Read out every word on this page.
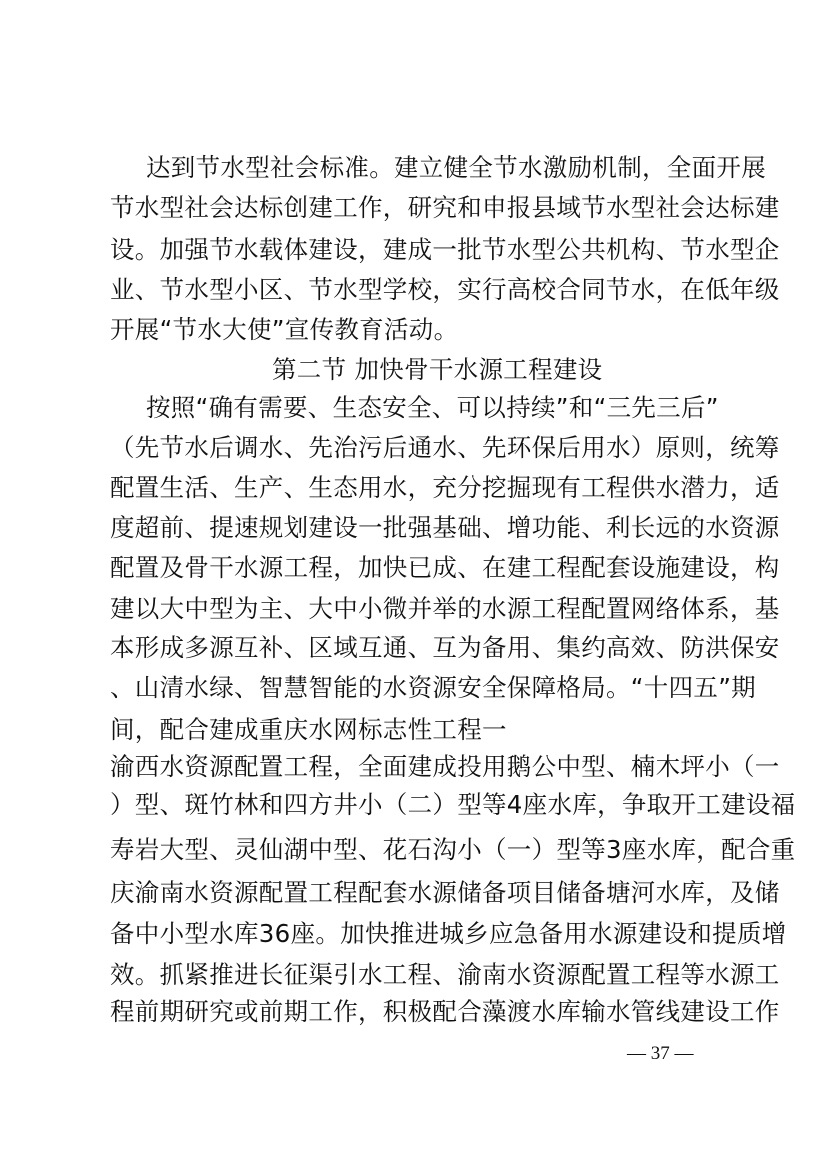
达到节水型社会标准。建立健全节水激励机制，全面开展
节水型社会达标创建工作，研究和申报县域节水型社会达标建
设。加强节水载体建设，建成一批节水型公共机构、节水型企
业、节水型小区、节水型学校，实行高校合同节水，在低年级
开展“节水大使”宣传教育活动。
第二节 加快骨干水源工程建设
按照“确有需要、生态安全、可以持续”和“三先三后”
（先节水后调水、先治污后通水、先环保后用水）原则，统筹
配置生活、生产、生态用水，充分挖掘现有工程供水潜力，适
度超前、提速规划建设一批强基础、增功能、利长远的水资源
配置及骨干水源工程，加快已成、在建工程配套设施建设，构
建以大中型为主、大中小微并举的水源工程配置网络体系，基
本形成多源互补、区域互通、互为备用、集约高效、防洪保安
、山清水绿、智慧智能的水资源安全保障格局。“十四五”期
间，配合建成重庆水网标志性工程一
渝西水资源配置工程，全面建成投用鹅公中型、楠木坪小（一
）型、斑竹林和四方井小（二）型等4座水库，争取开工建设福
寿岩大型、灵仙湖中型、花石沟小（一）型等3座水库，配合重
庆渝南水资源配置工程配套水源储备项目储备塘河水库，及储
备中小型水库36座。加快推进城乡应急备用水源建设和提质增
效。抓紧推进长征渠引水工程、渝南水资源配置工程等水源工
程前期研究或前期工作，积极配合藻渡水库输水管线建设工作
— 37 —
